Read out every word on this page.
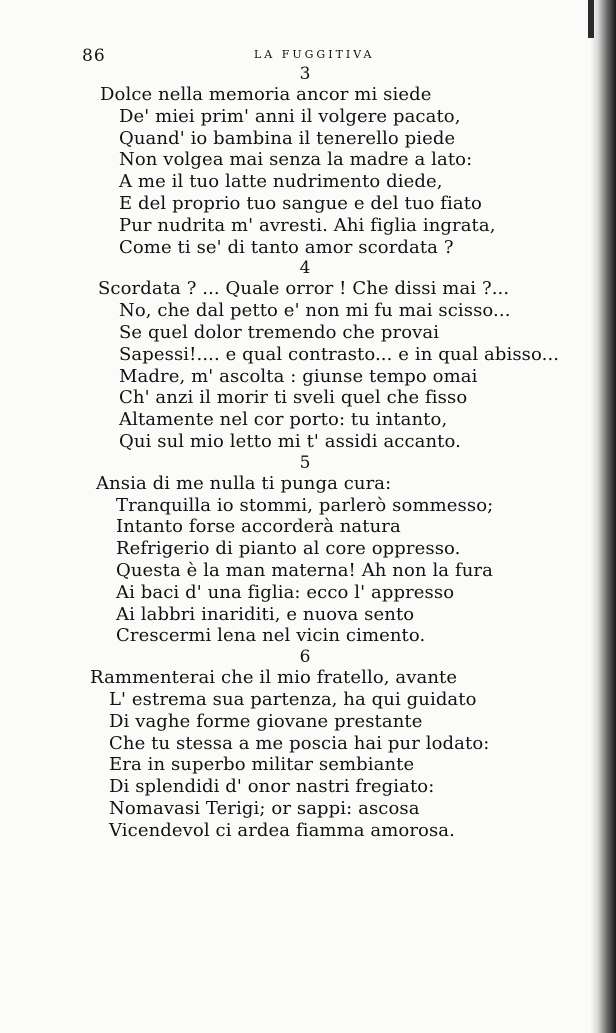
86	LA FUGGITIVA
3
Dolce nella memoria ancor mi siede
De' miei prim' anni il volgere pacato,
Quand' io bambina il tenerello piede
Non volgea mai senza la madre a lato:
A me il tuo latte nudrimento diede,
E del proprio tuo sangue e del tuo fiato
Pur nudrita m' avresti. Ahi figlia ingrata,
Come ti se' di tanto amor scordata ?
4
Scordata ? ... Quale orror ! Che dissi mai ?...
No, che dal petto e' non mi fu mai scisso...
Se quel dolor tremendo che provai
Sapessi!.... e qual contrasto... e in qual abisso...
Madre, m' ascolta : giunse tempo omai
Ch' anzi il morir ti sveli quel che fisso
Altamente nel cor porto: tu intanto,
Qui sul mio letto mi t' assidi accanto.
5
Ansia di me nulla ti punga cura:
Tranquilla io stommi, parlerò sommesso;
Intanto forse accorderà natura
Refrigerio di pianto al core oppresso.
Questa è la man materna! Ah non la fura
Ai baci d' una figlia: ecco l' appresso
Ai labbri inariditi, e nuova sento
Crescermi lena nel vicin cimento.
6
Rammenterai che il mio fratello, avante
L' estrema sua partenza, ha qui guidato
Di vaghe forme giovane prestante
Che tu stessa a me poscia hai pur lodato:
Era in superbo militar sembiante
Di splendidi d' onor nastri fregiato:
Nomavasi Terigi; or sappi: ascosa
Vicendevol ci ardea fiamma amorosa.
